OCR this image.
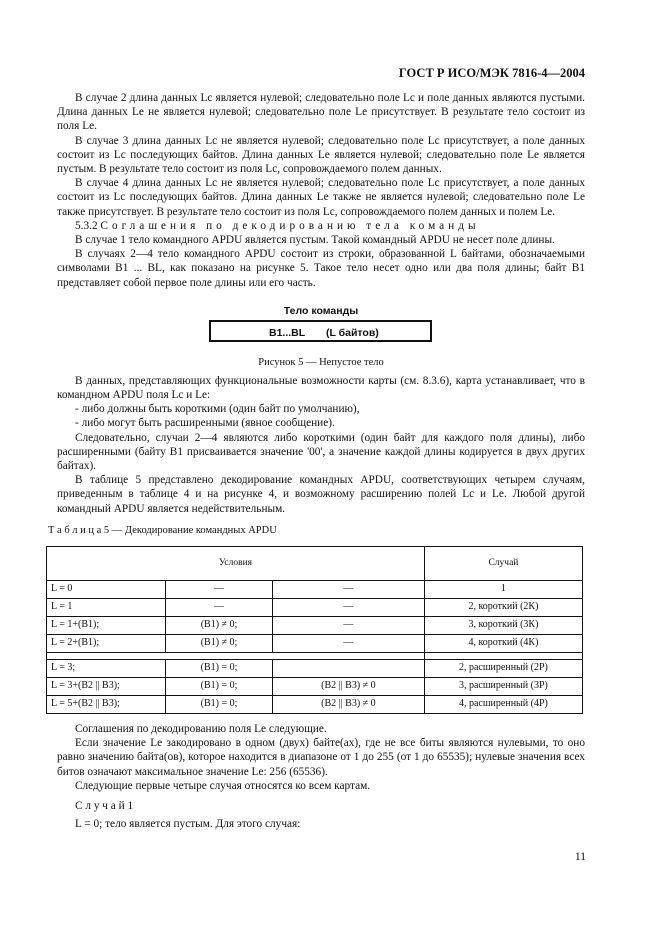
ГОСТ Р ИСО/МЭК 7816-4—2004

В случае 2 длина данных Lc является нулевой; следовательно поле Lc и поле данных являются пустыми. Длина данных Le не является нулевой; следовательно поле Le присутствует. В результате тело состоит из поля Le.

В случае 3 длина данных Lc не является нулевой; следовательно поле Lc присутствует, а поле данных состоит из Lc последующих байтов. Длина данных Le является нулевой; следовательно поле Le является пустым. В результате тело состоит из поля Lc, сопровождаемого полем данных.

В случае 4 длина данных Lc не является нулевой; следовательно поле Lc присутствует, а поле данных состоит из Lc последующих байтов. Длина данных Le также не является нулевой; следовательно поле Le также присутствует. В результате тело состоит из поля Lc, сопровождаемого полем данных и полем Le.

5.3.2 Соглашения по декодированию тела команды

В случае 1 тело командного APDU является пустым. Такой командный APDU не несет поле длины.

В случаях 2—4 тело командного APDU состоит из строки, образованной L байтами, обозначаемыми символами B1 ... BL, как показано на рисунке 5. Такое тело несет одно или два поля длины; байт B1 представляет собой первое поле длины или его часть.

Тело команды
B1...BL (L байтов)
Рисунок 5 — Непустое тело

В данных, представляющих функциональные возможности карты (см. 8.3.6), карта устанавливает, что в командном APDU поля Lc и Le:

- либо должны быть короткими (один байт по умолчанию),

- либо могут быть расширенными (явное сообщение).

Следовательно, случаи 2—4 являются либо короткими (один байт для каждого поля длины), либо расширенными (байту B1 присваивается значение '00', а значение каждой длины кодируется в двух других байтах).

В таблице 5 представлено декодирование командных APDU, соответствующих четырем случаям, приведенным в таблице 4 и на рисунке 4, и возможному расширению полей Lc и Le. Любой другой командный APDU является недействительным.

Т а б л и ц а 5 — Декодирование командных APDU
Условия			Случай
L = 0	—	—	1
L = 1	—	—	2, короткий (2К)
L = 1+(B1);	(B1) ≠ 0;	—	3, короткий (3К)
L = 2+(B1);	(B1) ≠ 0;	—	4, короткий (4К)

L = 3;	(B1) = 0;		2, расширенный (2Р)
L = 3+(B2 || B3);	(B1) = 0;	(B2 || B3) ≠ 0	3, расширенный (3Р)
L = 5+(B2 || B3);	(B1) = 0;	(B2 || B3) ≠ 0	4, расширенный (4Р)

Соглашения по декодированию поля Le следующие.

Если значение Le закодировано в одном (двух) байте(ах), где не все биты являются нулевыми, то оно равно значению байта(ов), которое находится в диапазоне от 1 до 255 (от 1 до 65535); нулевые значения всех битов означают максимальное значение Le: 256 (65536).

Следующие первые четыре случая относятся ко всем картам.

С л у ч а й 1

L = 0; тело является пустым. Для этого случая:

11
